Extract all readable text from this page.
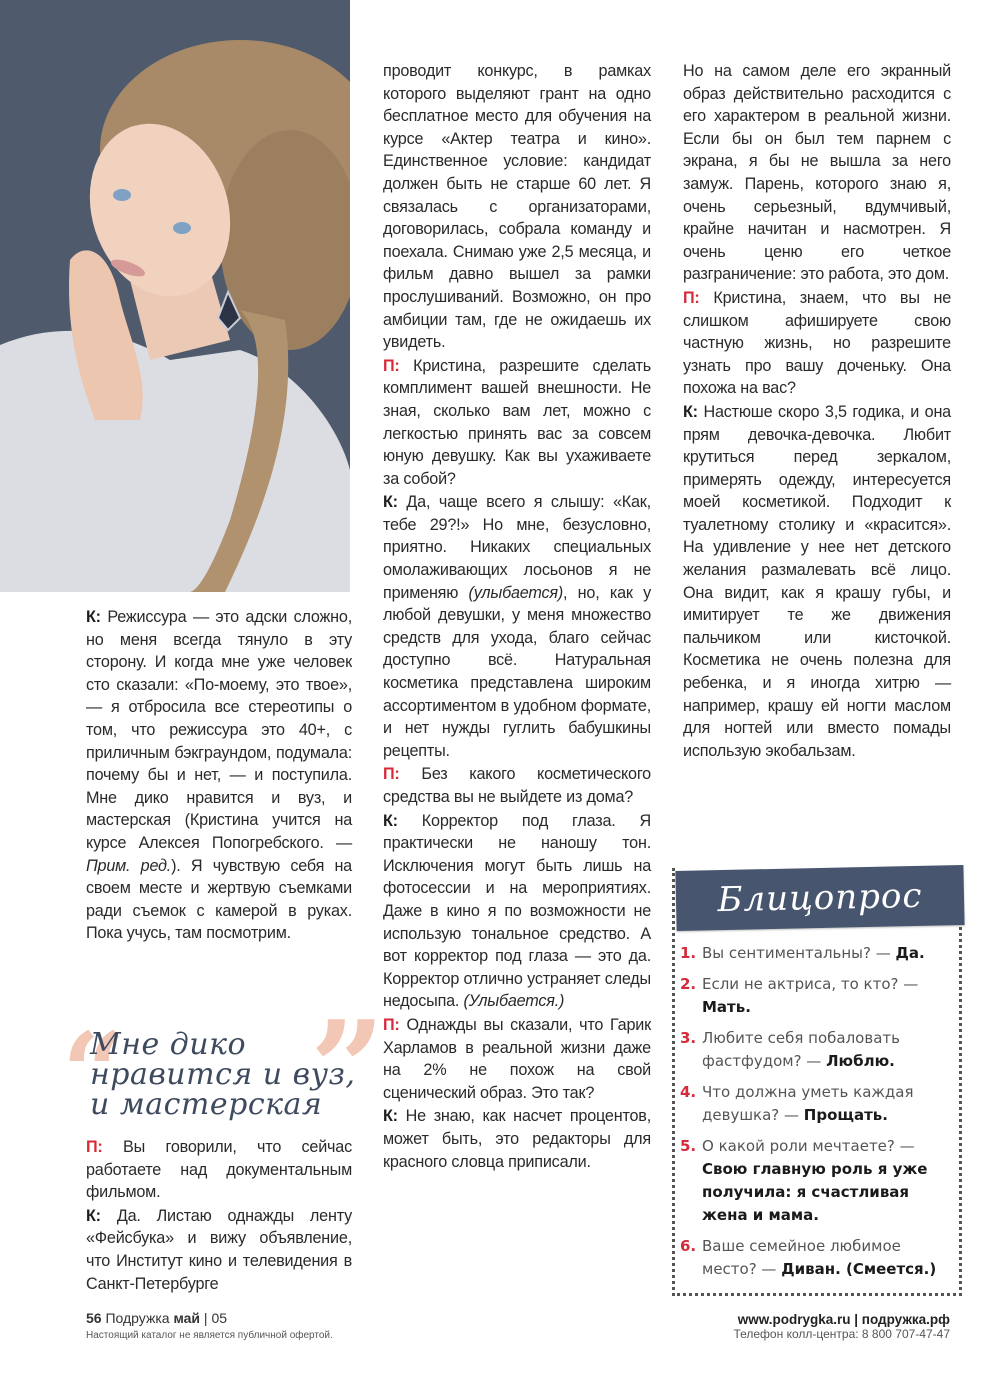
К: Режиссура — это адски сложно, но меня всегда тянуло в эту сторону. И когда мне уже человек сто сказали: «По-моему, это твое», — я отбросила все стереотипы о том, что режиссура это 40+, с приличным бэкграундом, подумала: почему бы и нет, — и поступила. Мне дико нравится и вуз, и мастерская (Кристина учится на курсе Алексея Попогребского. — Прим. ред.). Я чувствую себя на своем месте и жертвую съемками ради съемок с камерой в руках. Пока учусь, там посмотрим.

“ ”
Мне дико нравится и вуз, и мастерская

П: Вы говорили, что сейчас работаете над документальным фильмом.

К: Да. Листаю однажды ленту «Фейсбука» и вижу объявление, что Институт кино и телевидения в Санкт-Петербурге

проводит конкурс, в рамках которого выделяют грант на одно бесплатное место для обучения на курсе «Актер театра и кино». Единственное условие: кандидат должен быть не старше 60 лет. Я связалась с организаторами, договорилась, собрала команду и поехала. Снимаю уже 2,5 месяца, и фильм давно вышел за рамки прослушиваний. Возможно, он про амбиции там, где не ожидаешь их увидеть.

П: Кристина, разрешите сделать комплимент вашей внешности. Не зная, сколько вам лет, можно с легкостью принять вас за совсем юную девушку. Как вы ухаживаете за собой?

К: Да, чаще всего я слышу: «Как, тебе 29?!» Но мне, безусловно, приятно. Никаких специальных омолаживающих лосьонов я не применяю (улыбается), но, как у любой девушки, у меня множество средств для ухода, благо сейчас доступно всё. Натуральная косметика представлена широким ассортиментом в удобном формате, и нет нужды гуглить бабушкины рецепты.

П: Без какого косметического средства вы не выйдете из дома?

К: Корректор под глаза. Я практически не наношу тон. Исключения могут быть лишь на фотосессии и на мероприятиях. Даже в кино я по возможности не использую тональное средство. А вот корректор под глаза — это да. Корректор отлично устраняет следы недосыпа. (Улыбается.)

П: Однажды вы сказали, что Гарик Харламов в реальной жизни даже на 2% не похож на свой сценический образ. Это так?

К: Не знаю, как насчет процентов, может быть, это редакторы для красного словца приписали.

Но на самом деле его экранный образ действительно расходится с его характером в реальной жизни. Если бы он был тем парнем с экрана, я бы не вышла за него замуж. Парень, которого знаю я, очень серьезный, вдумчивый, крайне начитан и насмотрен. Я очень ценю его четкое разграничение: это работа, это дом.

П: Кристина, знаем, что вы не слишком афишируете свою частную жизнь, но разрешите узнать про вашу доченьку. Она похожа на вас?

К: Настюше скоро 3,5 годика, и она прям девочка-девочка. Любит крутиться перед зеркалом, примерять одежду, интересуется моей косметикой. Подходит к туалетному столику и «красится». На удивление у нее нет детского желания размалевать всё лицо. Она видит, как я крашу губы, и имитирует те же движения пальчиком или кисточкой. Косметика не очень полезна для ребенка, и я иногда хитрю — например, крашу ей ногти маслом для ногтей или вместо помады использую экобальзам.

Блицопрос
1. Вы сентиментальны? — Да.
2. Если не актриса, то кто? — Мать.
3. Любите себя побаловать фастфудом? — Люблю.
4. Что должна уметь каждая девушка? — Прощать.
5. О какой роли мечтаете? — Свою главную роль я уже получила: я счастливая жена и мама.
6. Ваше семейное любимое место? — Диван. (Смеется.)
56 Подружка май | 05
Настоящий каталог не является публичной офертой.
www.podrygka.ru | подружка.рф
Телефон колл-центра: 8 800 707-47-47
